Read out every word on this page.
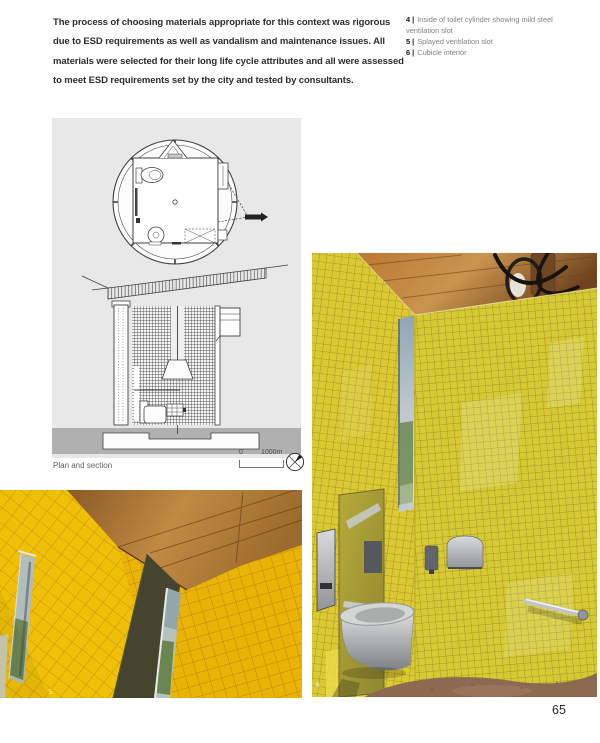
The process of choosing materials appropriate for this context was rigorous due to ESD requirements as well as vandalism and maintenance issues. All materials were selected for their long life cycle attributes and all were assessed to meet ESD requirements set by the city and tested by consultants.

4 | Inside of toilet cylinder showing mild steel ventilation slot
5 | Splayed ventilation slot
6 | Cubicle interior
Plan and section
0	1000m
5
6
65
